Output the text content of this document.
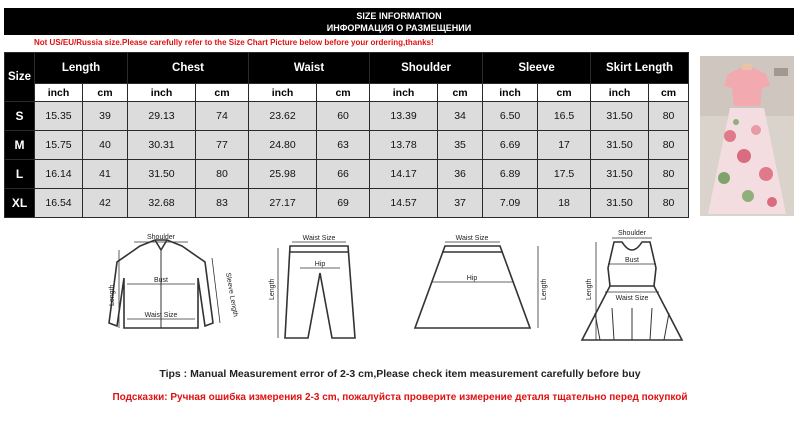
SIZE INFORMATION
ИНФОРМАЦИЯ О РАЗМЕЩЕНИИ
Not US/EU/Russia size.Please carefully refer to the Size Chart Picture below before your ordering,thanks!
Size	Length		Chest		Waist		Shoulder		Sleeve		Skirt Length	
	inch	cm	inch	cm	inch	cm	inch	cm	inch	cm	inch	cm
S	15.35	39	29.13	74	23.62	60	13.39	34	6.50	16.5	31.50	80
M	15.75	40	30.31	77	24.80	63	13.78	35	6.69	17	31.50	80
L	16.14	41	31.50	80	25.98	66	14.17	36	6.89	17.5	31.50	80
XL	16.54	42	32.68	83	27.17	69	14.57	37	7.09	18	31.50	80
Shoulder
Bust
Waist Size	Sleeve Length
Length
Waist Size
Hip
Length
Waist Size
Hip
Length
Shoulder
Bust
Waist Size
Length
Tips : Manual Measurement error of 2-3 cm,Please check item measurement carefully before buy
Подсказки: Ручная ошибка измерения 2-3 cm, пожалуйста проверите измерение деталя тщательно перед покупкой
